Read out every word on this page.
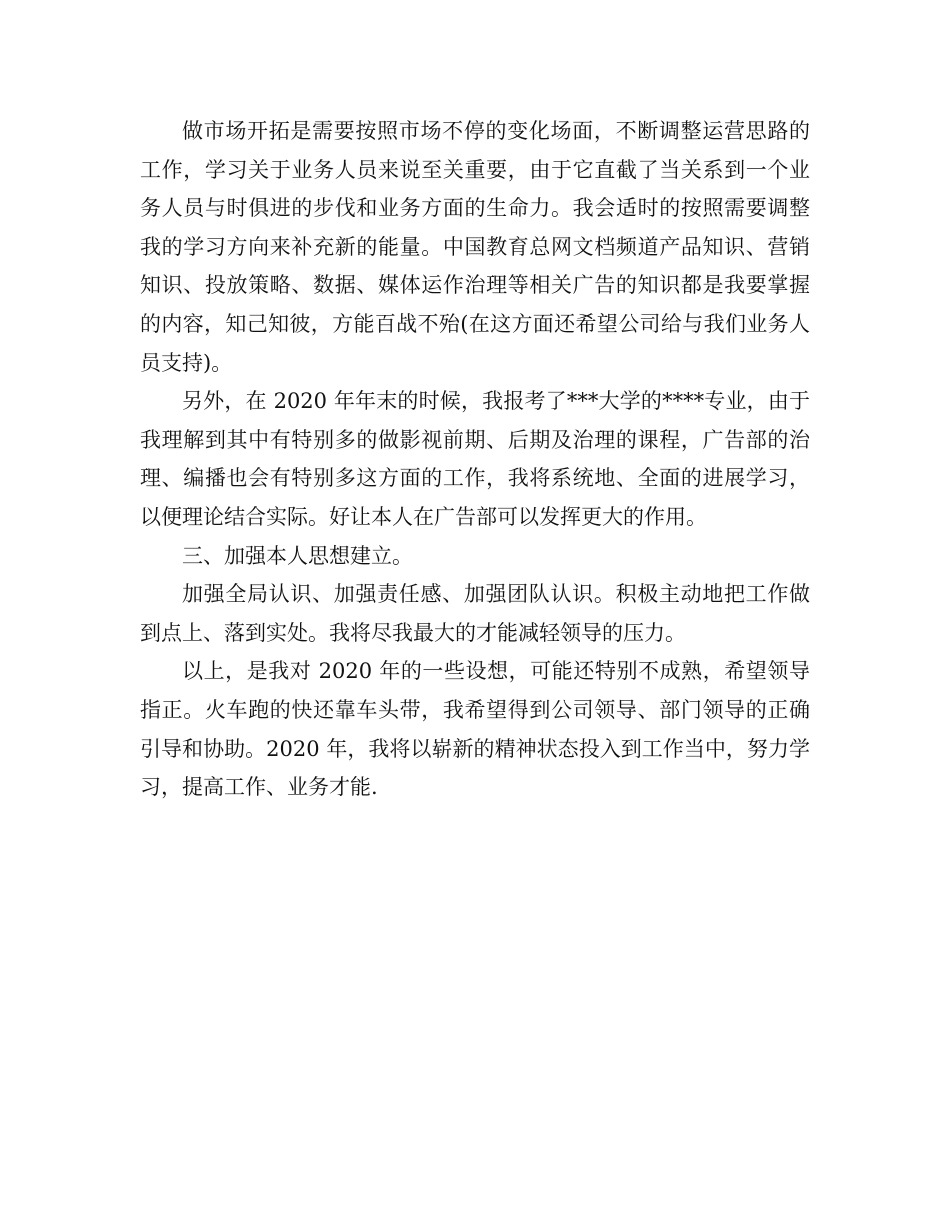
做市场开拓是需要按照市场不停的变化场面，不断调整运营思路的工作，学习关于业务人员来说至关重要，由于它直截了当关系到一个业务人员与时俱进的步伐和业务方面的生命力。我会适时的按照需要调整我的学习方向来补充新的能量。中国教育总网文档频道产品知识、营销知识、投放策略、数据、媒体运作治理等相关广告的知识都是我要掌握的内容，知己知彼，方能百战不殆(在这方面还希望公司给与我们业务人员支持)。

另外，在 2020 年年末的时候，我报考了***大学的****专业，由于我理解到其中有特别多的做影视前期、后期及治理的课程，广告部的治理、编播也会有特别多这方面的工作，我将系统地、全面的进展学习，以便理论结合实际。好让本人在广告部可以发挥更大的作用。

三、加强本人思想建立。

加强全局认识、加强责任感、加强团队认识。积极主动地把工作做到点上、落到实处。我将尽我最大的才能减轻领导的压力。

以上，是我对 2020 年的一些设想，可能还特别不成熟，希望领导指正。火车跑的快还靠车头带，我希望得到公司领导、部门领导的正确引导和协助。2020 年，我将以崭新的精神状态投入到工作当中，努力学习，提高工作、业务才能.
